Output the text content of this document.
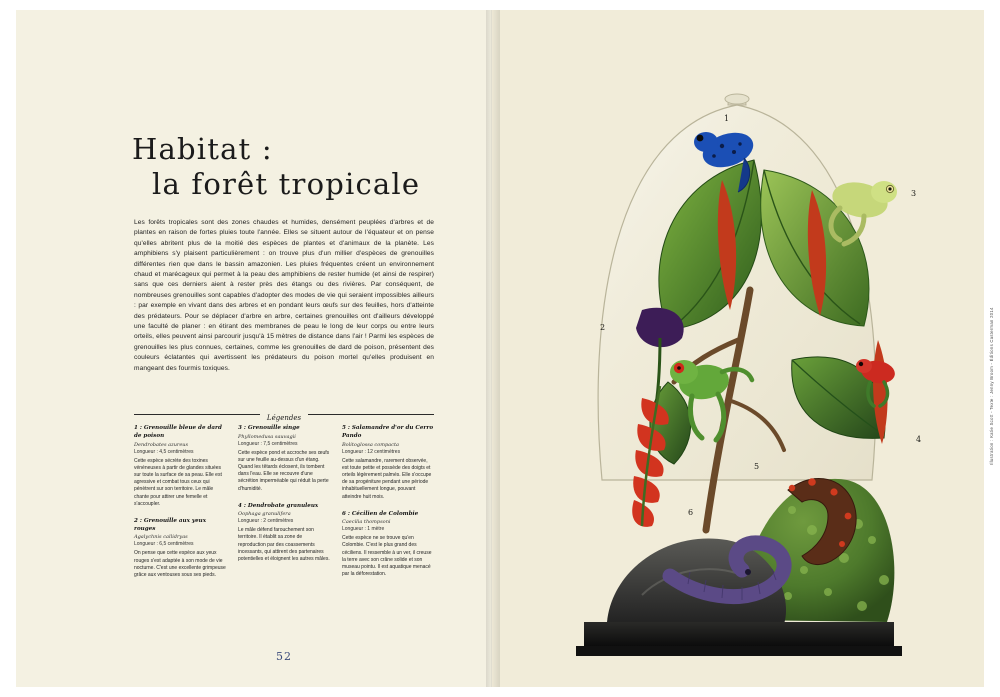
Habitat :
la forêt tropicale

Les forêts tropicales sont des zones chaudes et humides, densément peuplées d'arbres et de plantes en raison de fortes pluies toute l'année. Elles se situent autour de l'équateur et on pense qu'elles abritent plus de la moitié des espèces de plantes et d'animaux de la planète. Les amphibiens s'y plaisent particulièrement : on trouve plus d'un millier d'espèces de grenouilles différentes rien que dans le bassin amazonien. Les pluies fréquentes créent un environnement chaud et marécageux qui permet à la peau des amphibiens de rester humide (et ainsi de respirer) sans que ces derniers aient à rester près des étangs ou des rivières. Par conséquent, de nombreuses grenouilles sont capables d'adopter des modes de vie qui seraient impossibles ailleurs : par exemple en vivant dans des arbres et en pondant leurs œufs sur des feuilles, hors d'atteinte des prédateurs. Pour se déplacer d'arbre en arbre, certaines grenouilles ont d'ailleurs développé une faculté de planer : en étirant des membranes de peau le long de leur corps ou entre leurs orteils, elles peuvent ainsi parcourir jusqu'à 15 mètres de distance dans l'air ! Parmi les espèces de grenouilles les plus connues, certaines, comme les grenouilles de dard de poison, présentent des couleurs éclatantes qui avertissent les prédateurs du poison mortel qu'elles produisent en mangeant des fourmis toxiques.

Légendes
1 : Grenouille bleue de dard de poison
Dendrobates azureus
Longueur : 4,5 centimètres
Cette espèce sécrète des toxines vénéneuses à partir de glandes situées sur toute la surface de sa peau. Elle est agressive et combat tous ceux qui pénètrent sur son territoire. Le mâle chante pour attirer une femelle et s'accoupler.
2 : Grenouille aux yeux rouges
Agalychnis callidryas
Longueur : 6,5 centimètres
On pense que cette espèce aux yeux rouges s'est adaptée à son mode de vie nocturne. C'est une excellente grimpeuse grâce aux ventouses sous ses pieds.
3 : Grenouille singe
Phyllomedusa sauvagii
Longueur : 7,5 centimètres
Cette espèce pond et accroche ses œufs sur une feuille au-dessus d'un étang. Quand les têtards éclosent, ils tombent dans l'eau. Elle se recouvre d'une sécrétion imperméable qui réduit la perte d'humidité.
4 : Dendrobate granuleux
Oophaga granulifera
Longueur : 2 centimètres
Le mâle défend farouchement son territoire. Il établit sa zone de reproduction par des coassements incessants, qui attirent des partenaires potentielles et éloignent les autres mâles.
5 : Salamandre d'or du Cerro Pando
Bolitoglossa compacta
Longueur : 12 centimètres
Cette salamandre, rarement observée, est toute petite et possède des doigts et orteils légèrement palmés. Elle s'occupe de sa progéniture pendant une période inhabituellement longue, pouvant atteindre huit mois.
6 : Cécilien de Colombie
Caecilia thompsoni
Longueur : 1 mètre
Cette espèce ne se trouve qu'en Colombie. C'est le plus grand des céciliens. Il ressemble à un ver, il creuse la terre avec son crâne solide et son museau pointu. Il est aquatique menacé par la déforestation.
52
1
2
3
4
5
6
Illustration : Katie Scott - Texte : Jenny Broom - Éditions Casterman 2014
